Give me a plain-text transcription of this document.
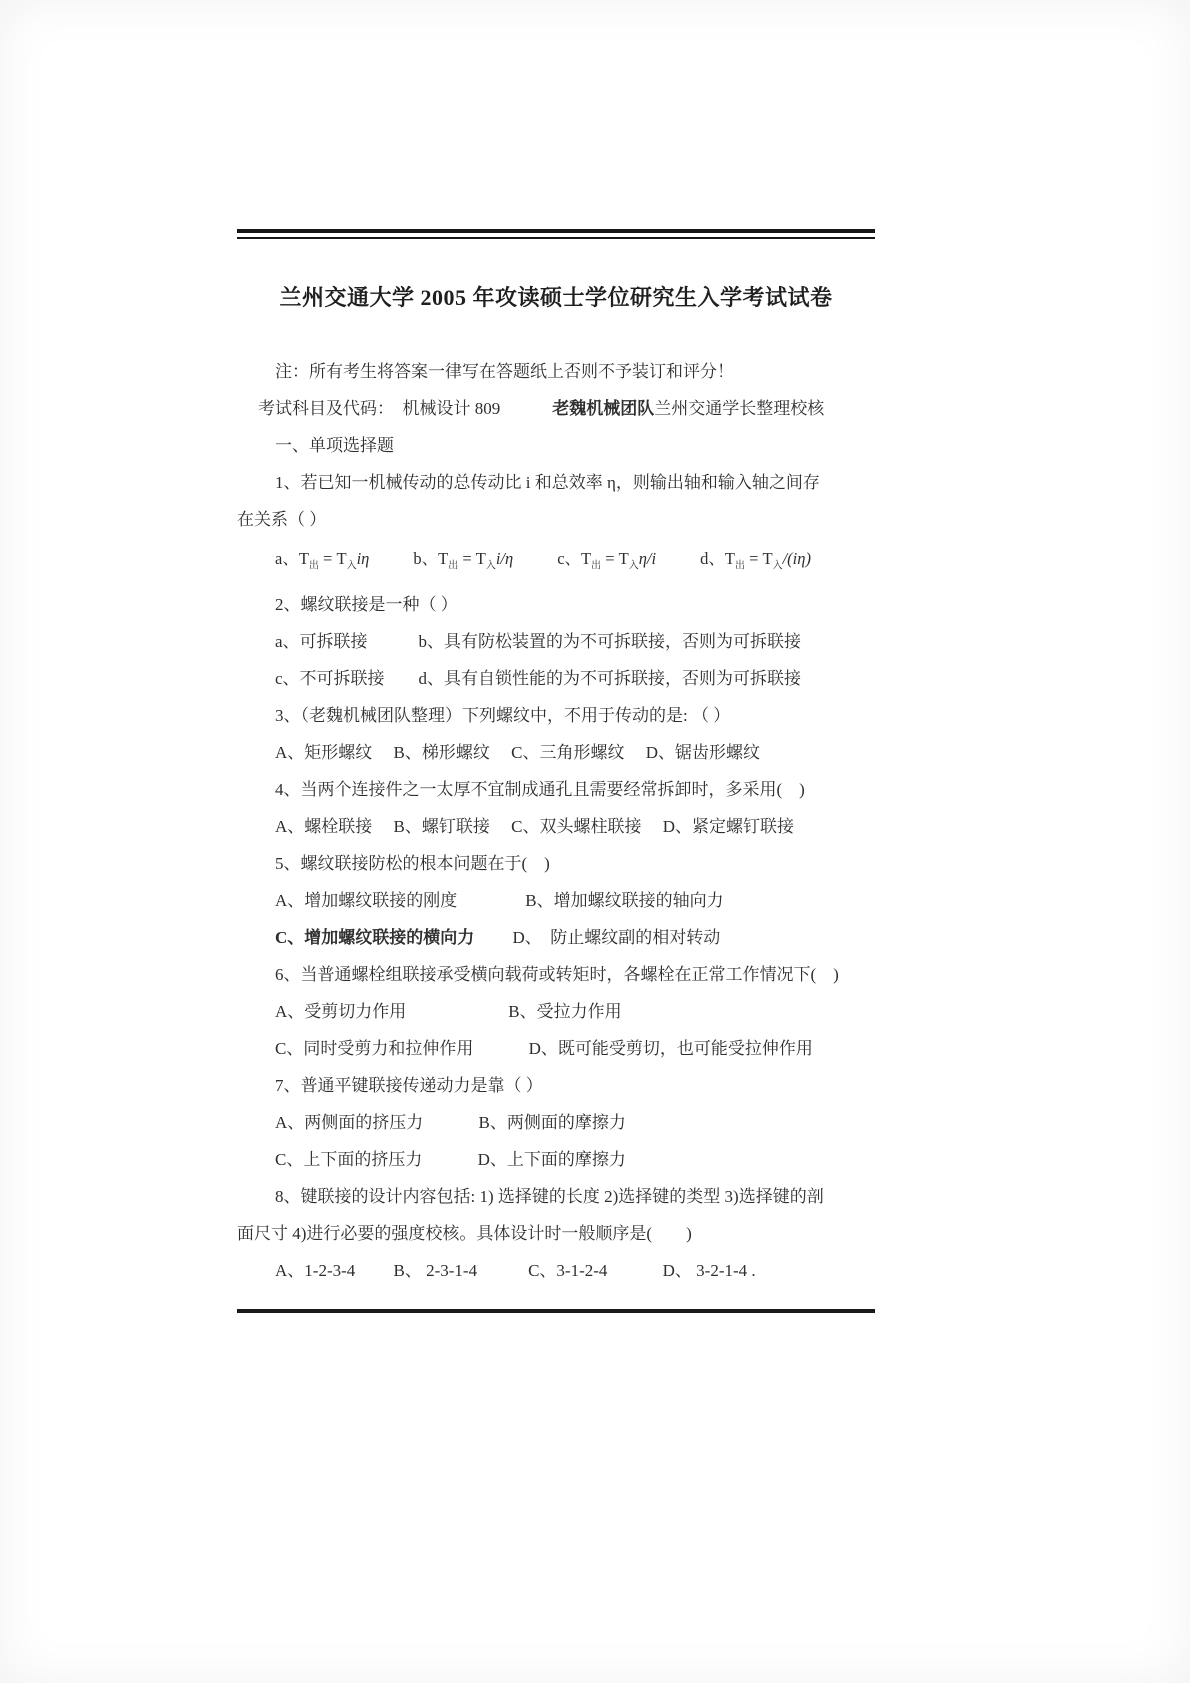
兰州交通大学 2005 年攻读硕士学位研究生入学考试试卷
注：所有考生将答案一律写在答题纸上否则不予装订和评分！
考试科目及代码：  机械设计 809	老魏机械团队兰州交通学长整理校核
一、单项选择题
1、若已知一机械传动的总传动比 i 和总效率 η，则输出轴和输入轴之间存
在关系（ ）
a、$T_出 = T_入i\eta$	b、$T_出 = T_入i/\eta$	c、$T_出 = T_入\eta/i$	d、$T_出 = T_入/(i\eta)$
2、螺纹联接是一种（ ）
a、可拆联接　　　b、具有防松装置的为不可拆联接，否则为可拆联接
c、不可拆联接　　d、具有自锁性能的为不可拆联接，否则为可拆联接
3、（老魏机械团队整理）下列螺纹中，不用于传动的是: （ ）
A、矩形螺纹　 B、梯形螺纹　 C、三角形螺纹　 D、锯齿形螺纹
4、当两个连接件之一太厚不宜制成通孔且需要经常拆卸时，多采用(　)
A、螺栓联接　 B、螺钉联接　 C、双头螺柱联接　 D、紧定螺钉联接
5、螺纹联接防松的根本问题在于(　)
A、增加螺纹联接的刚度　　　　B、增加螺纹联接的轴向力
C、增加螺纹联接的横向力　　 D、  防止螺纹副的相对转动
6、当普通螺栓组联接承受横向载荷或转矩时，各螺栓在正常工作情况下(　)
A、受剪切力作用　　　　　　B、受拉力作用
C、同时受剪力和拉伸作用　　　 D、既可能受剪切，也可能受拉伸作用
7、普通平键联接传递动力是靠（ ）
A、两侧面的挤压力　　　 B、两侧面的摩擦力
C、上下面的挤压力　　　 D、上下面的摩擦力
8、键联接的设计内容包括: 1) 选择键的长度 2)选择键的类型 3)选择键的剖
面尺寸 4)进行必要的强度校核。具体设计时一般顺序是(　　)
A、1-2-3-4　　 B、 2-3-1-4　　　C、3-1-2-4　　　 D、 3-2-1-4 .
